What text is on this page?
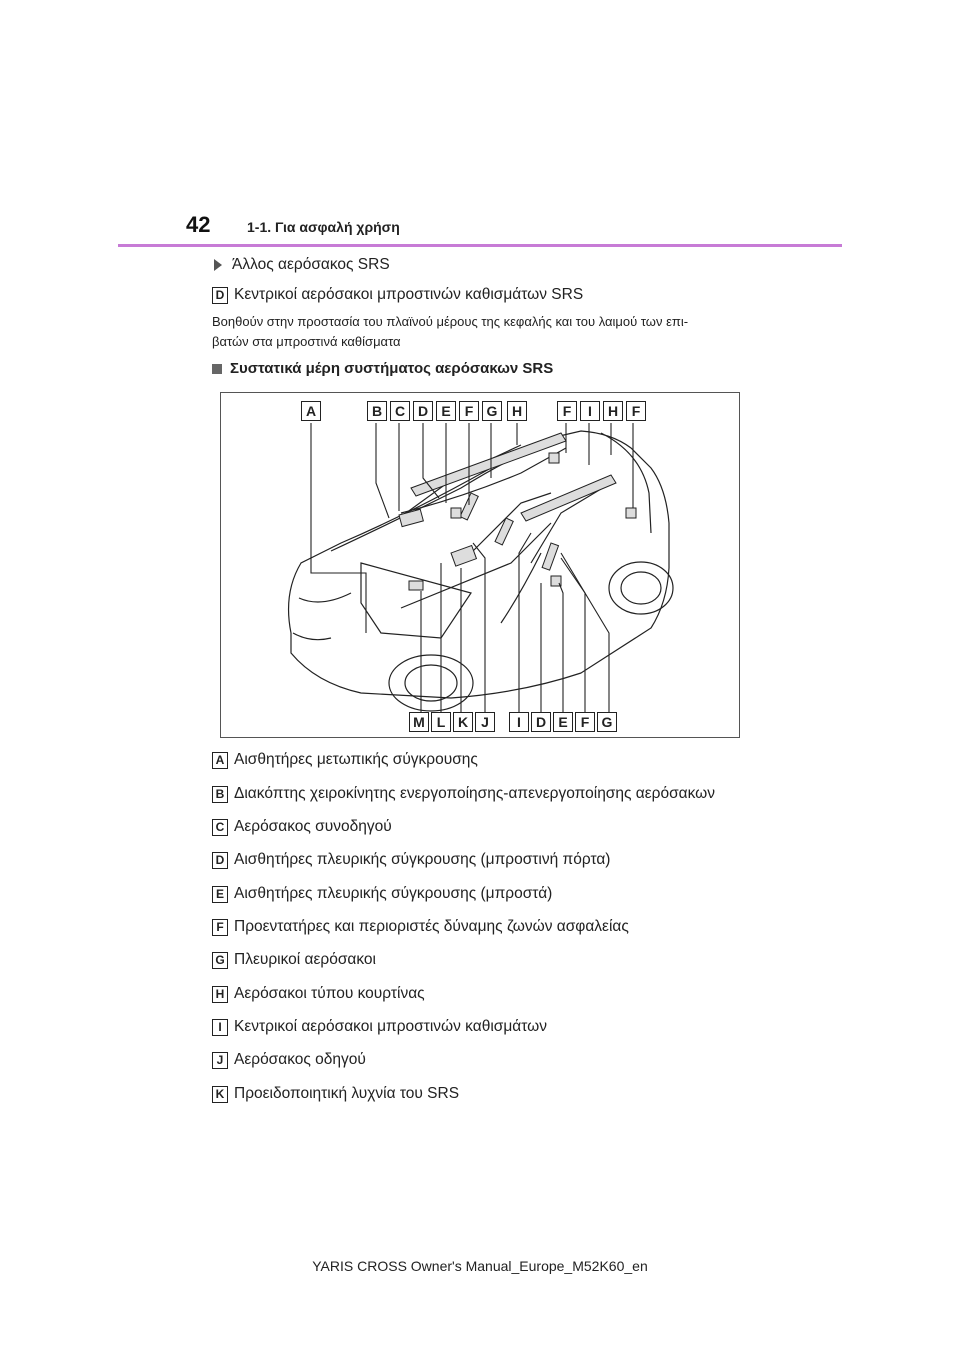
42	1-1. Για ασφαλή χρήση
Άλλος αερόσακος SRS
D Κεντρικοί αερόσακοι μπροστινών καθισμάτων SRS
Βοηθούν στην προστασία του πλαϊνού μέρους της κεφαλής και του λαιμού των επι-
βατών στα μπροστινά καθίσματα
Συστατικά μέρη συστήματος αερόσακων SRS
A	B C D E	F G	H	F	I	H F
M L K J	I	D E F G
A Αισθητήρες μετωπικής σύγκρουσης
B Διακόπτης χειροκίνητης ενεργοποίησης-απενεργοποίησης αερόσακων
C Αερόσακος συνοδηγού
D Αισθητήρες πλευρικής σύγκρουσης (μπροστινή πόρτα)
E Αισθητήρες πλευρικής σύγκρουσης (μπροστά)
F Προεντατήρες και περιοριστές δύναμης ζωνών ασφαλείας
G Πλευρικοί αερόσακοι
H Αερόσακοι τύπου κουρτίνας
I Κεντρικοί αερόσακοι μπροστινών καθισμάτων
J Αερόσακος οδηγού
K Προειδοποιητική λυχνία του SRS
YARIS CROSS Owner's Manual_Europe_M52K60_en
